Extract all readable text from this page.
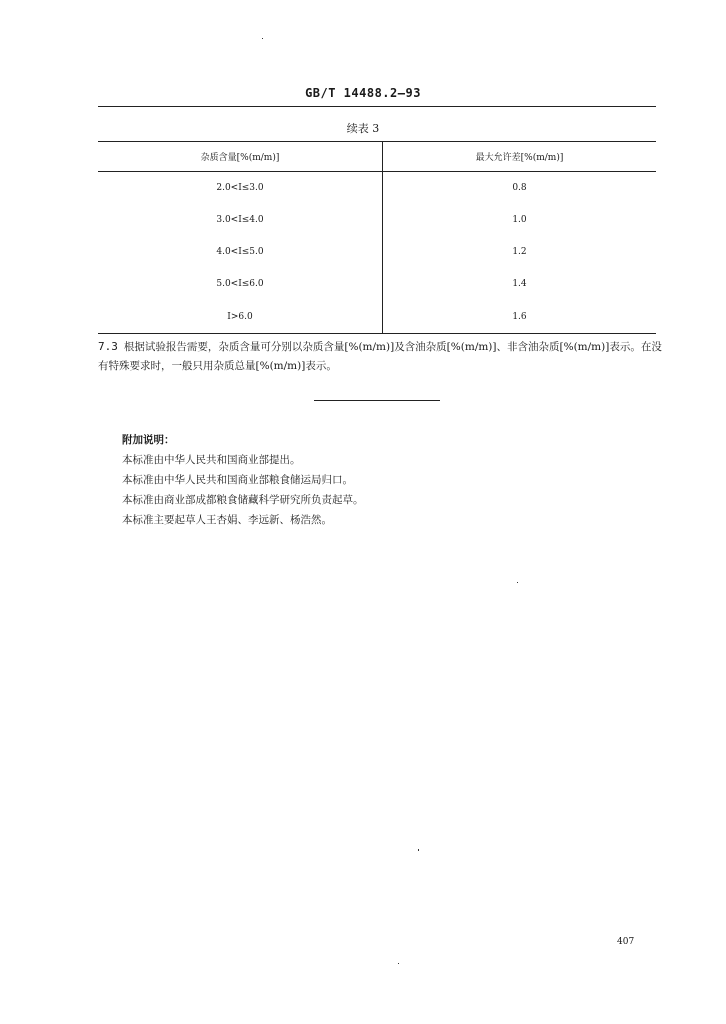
GB/T 14488.2—93
续表 3
杂质含量[%(m/m)]	最大允许差[%(m/m)]
2.0<I≤3.0	0.8
3.0<I≤4.0	1.0
4.0<I≤5.0	1.2
5.0<I≤6.0	1.4
I>6.0	1.6
7.3 根据试验报告需要，杂质含量可分别以杂质含量[%(m/m)]及含油杂质[%(m/m)]、非含油杂质[%(m/m)]表示。在没有特殊要求时，一般只用杂质总量[%(m/m)]表示。
附加说明：
本标准由中华人民共和国商业部提出。
本标准由中华人民共和国商业部粮食储运局归口。
本标准由商业部成都粮食储藏科学研究所负责起草。
本标准主要起草人王杏娟、李远新、杨浩然。
407
